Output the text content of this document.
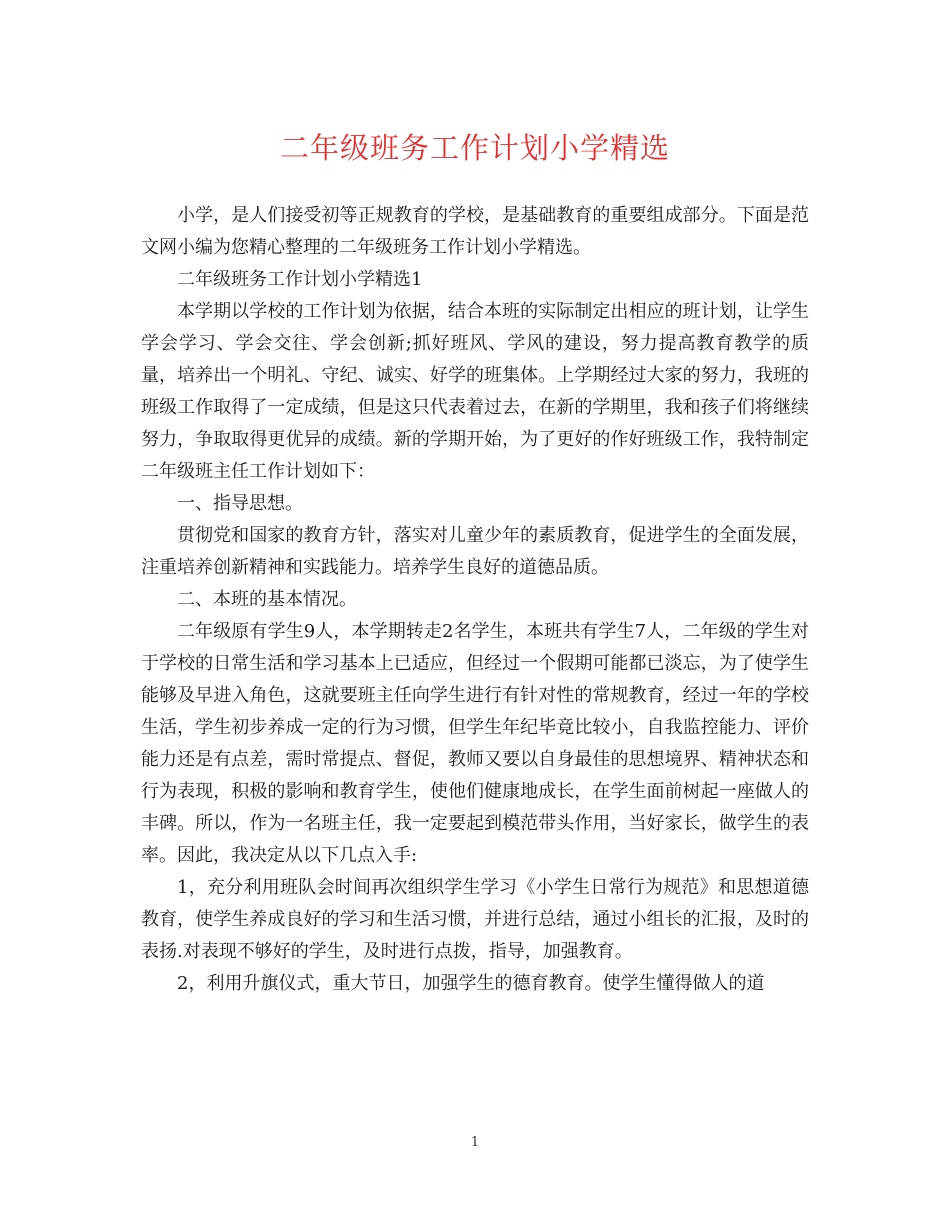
二年级班务工作计划小学精选

小学，是人们接受初等正规教育的学校，是基础教育的重要组成部分。下面是范文网小编为您精心整理的二年级班务工作计划小学精选。

二年级班务工作计划小学精选1

本学期以学校的工作计划为依据，结合本班的实际制定出相应的班计划，让学生学会学习、学会交往、学会创新;抓好班风、学风的建设，努力提高教育教学的质量，培养出一个明礼、守纪、诚实、好学的班集体。上学期经过大家的努力，我班的班级工作取得了一定成绩，但是这只代表着过去，在新的学期里，我和孩子们将继续努力，争取取得更优异的成绩。新的学期开始，为了更好的作好班级工作，我特制定二年级班主任工作计划如下：

一、指导思想。

贯彻党和国家的教育方针，落实对儿童少年的素质教育，促进学生的全面发展，注重培养创新精神和实践能力。培养学生良好的道德品质。

二、本班的基本情况。

二年级原有学生9人，本学期转走2名学生，本班共有学生7人，二年级的学生对于学校的日常生活和学习基本上已适应，但经过一个假期可能都已淡忘，为了使学生能够及早进入角色，这就要班主任向学生进行有针对性的常规教育，经过一年的学校生活，学生初步养成一定的行为习惯，但学生年纪毕竟比较小，自我监控能力、评价能力还是有点差，需时常提点、督促，教师又要以自身最佳的思想境界、精神状态和行为表现，积极的影响和教育学生，使他们健康地成长，在学生面前树起一座做人的丰碑。所以，作为一名班主任，我一定要起到模范带头作用，当好家长，做学生的表率。因此，我决定从以下几点入手:

1，充分利用班队会时间再次组织学生学习《小学生日常行为规范》和思想道德教育，使学生养成良好的学习和生活习惯，并进行总结，通过小组长的汇报，及时的表扬.对表现不够好的学生，及时进行点拨，指导，加强教育。

2，利用升旗仪式，重大节日，加强学生的德育教育。使学生懂得做人的道

1
